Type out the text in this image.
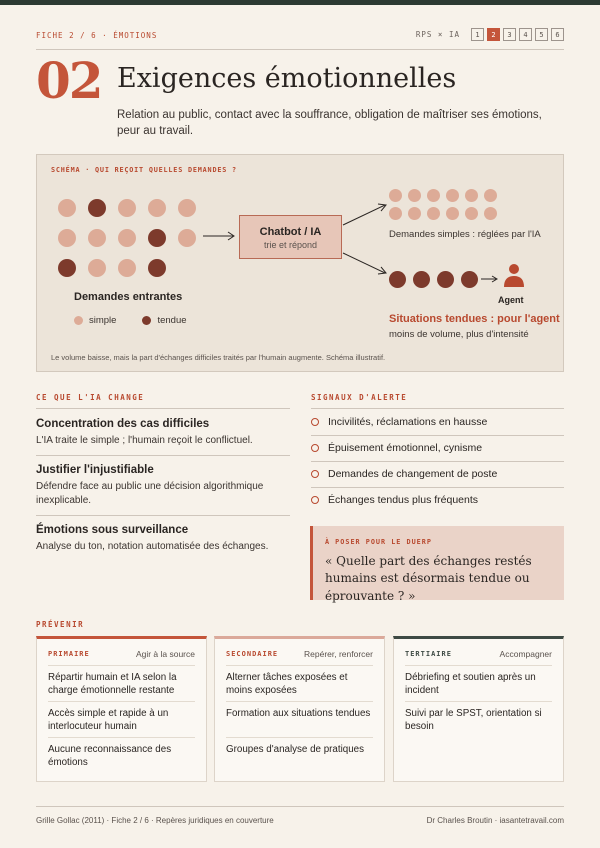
FICHE 2 / 6 · ÉMOTIONS	RPS × IA	1	2	3	4	5	6
02 Exigences émotionnelles
Relation au public, contact avec la souffrance, obligation de maîtriser ses émotions, peur au travail.
SCHÉMA · QUI REÇOIT QUELLES DEMANDES ?
Demandes entrantes
simple	tendue
Chatbot / IA
trie et répond
Demandes simples : réglées par l'IA
Agent
Situations tendues : pour l'agent
moins de volume, plus d'intensité
Le volume baisse, mais la part d'échanges difficiles traités par l'humain augmente. Schéma illustratif.
CE QUE L'IA CHANGE
Concentration des cas difficiles
L'IA traite le simple ; l'humain reçoit le conflictuel.
Justifier l'injustifiable
Défendre face au public une décision algorithmique inexplicable.
Émotions sous surveillance
Analyse du ton, notation automatisée des échanges.
SIGNAUX D'ALERTE
Incivilités, réclamations en hausse
Épuisement émotionnel, cynisme
Demandes de changement de poste
Échanges tendus plus fréquents
À POSER POUR LE DUERP
« Quelle part des échanges restés humains est désormais tendue ou éprouvante ? »
PRÉVENIR
PRIMAIRE	Agir à la source
Répartir humain et IA selon la charge émotionnelle restante
Accès simple et rapide à un interlocuteur humain
Aucune reconnaissance des émotions
SECONDAIRE	Repérer, renforcer
Alterner tâches exposées et moins exposées
Formation aux situations tendues
Groupes d'analyse de pratiques
TERTIAIRE	Accompagner
Débriefing et soutien après un incident
Suivi par le SPST, orientation si besoin
Grille Gollac (2011) · Fiche 2 / 6 · Repères juridiques en couverture	Dr Charles Broutin · iasantetravail.com
